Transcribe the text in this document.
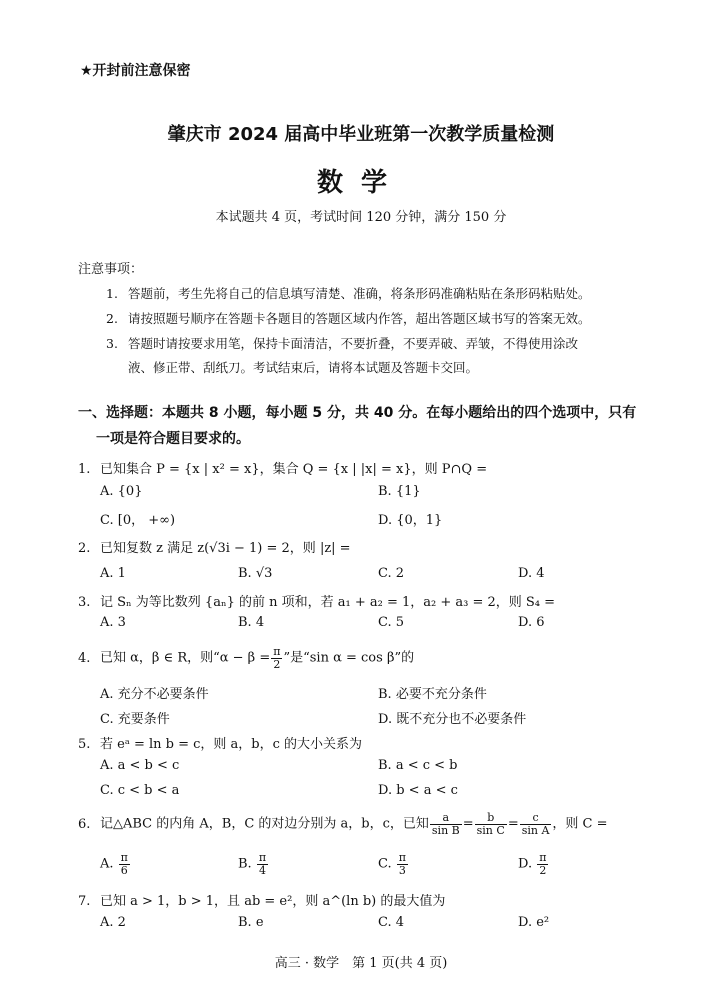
★开封前注意保密
肇庆市 2024 届高中毕业班第一次教学质量检测
数学
本试题共 4 页，考试时间 120 分钟，满分 150 分
注意事项：
1. 答题前，考生先将自己的信息填写清楚、准确，将条形码准确粘贴在条形码粘贴处。
2. 请按照题号顺序在答题卡各题目的答题区域内作答，超出答题区域书写的答案无效。
3. 答题时请按要求用笔，保持卡面清洁，不要折叠，不要弄破、弄皱，不得使用涂改
液、修正带、刮纸刀。考试结束后，请将本试题及答题卡交回。
一、选择题：本题共 8 小题，每小题 5 分，共 40 分。在每小题给出的四个选项中，只有
一项是符合题目要求的。
1. 已知集合 P = {x | x² = x}，集合 Q = {x | |x| = x}，则 P∩Q =
A. {0}	B. {1}
C. [0， +∞)	D. {0，1}
2. 已知复数 z 满足 z(√3i − 1) = 2，则 |z| =
A. 1	B. √3	C. 2	D. 4
3. 记 Sₙ 为等比数列 {aₙ} 的前 n 项和，若 a₁ + a₂ = 1，a₂ + a₃ = 2，则 S₄ =
A. 3	B. 4	C. 5	D. 6
4. 已知 α，β ∈ R，则“$\alpha - \beta = \frac{\pi}{2}$ ”是“sin α = cos β”的
A. 充分不必要条件	B. 必要不充分条件
C. 充要条件	D. 既不充分也不必要条件
5. 若 eᵃ = ln b = c，则 a，b，c 的大小关系为
A. a < b < c	B. a < c < b
C. c < b < a	D. b < a < c
6. 记△ABC 的内角 A，B，C 的对边分别为 a，b，c，已知 $\frac{a}{\text{sin B}} = \frac{b}{\text{sin C}} = \frac{c}{\text{sin A}}$ ，则 C =
A. $\frac{\pi}{6}$	B. $\frac{\pi}{4}$	C. $\frac{\pi}{3}$	D. $\frac{\pi}{2}$
7. 已知 a > 1，b > 1，且 ab = e²，则 a^(ln b) 的最大值为
A. 2	B. e	C. 4	D. e²
高三 · 数学　第 1 页(共 4 页)
